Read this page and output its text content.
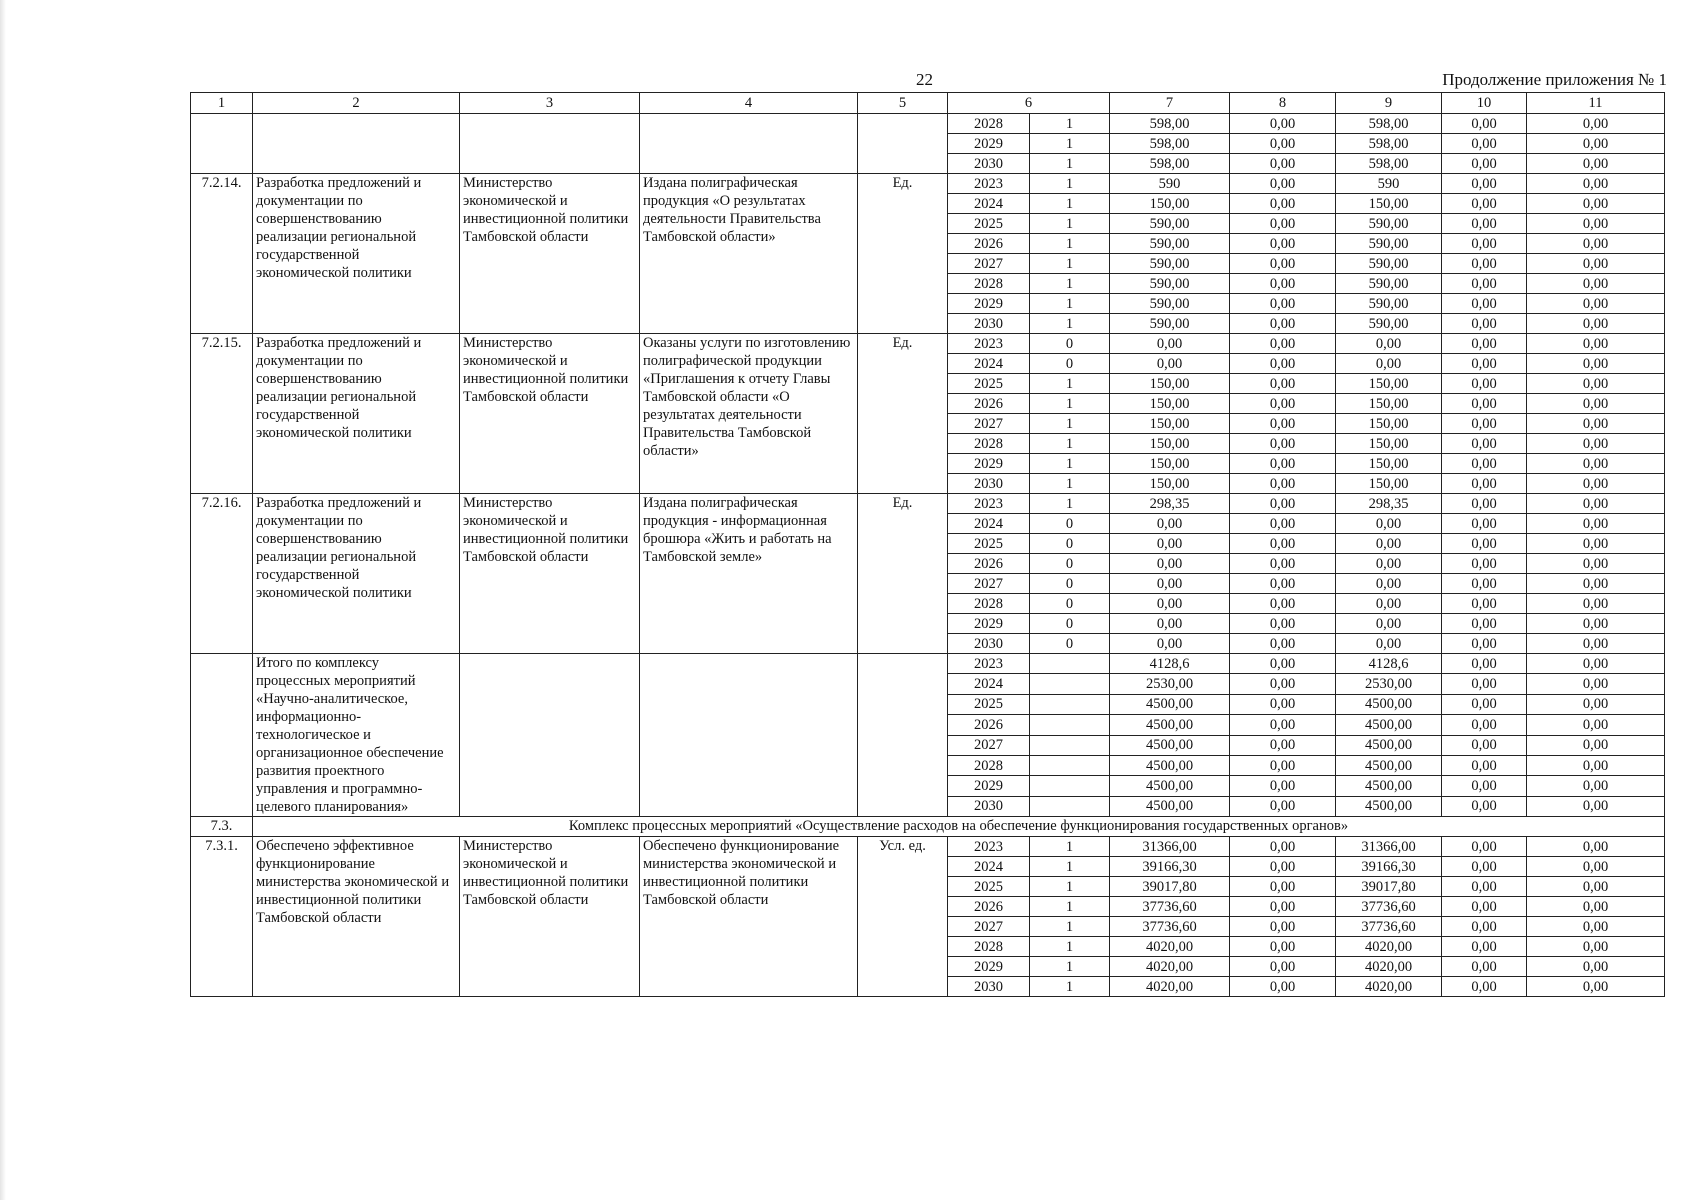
22	Продолжение приложения № 1
1	2	3	4	5	6		7	8	9	10	11
					2028	1	598,00	0,00	598,00	0,00	0,00
					2029	1	598,00	0,00	598,00	0,00	0,00
					2030	1	598,00	0,00	598,00	0,00	0,00
7.2.14.	Разработка предложений и документации по совершенствованию реализации региональной государственной экономической политики	Министерство экономической и инвестиционной политики Тамбовской области	Издана полиграфическая продукция «О результатах деятельности Правительства Тамбовской области»	Ед.	2023	1	590	0,00	590	0,00	0,00
					2024	1	150,00	0,00	150,00	0,00	0,00
					2025	1	590,00	0,00	590,00	0,00	0,00
					2026	1	590,00	0,00	590,00	0,00	0,00
					2027	1	590,00	0,00	590,00	0,00	0,00
					2028	1	590,00	0,00	590,00	0,00	0,00
					2029	1	590,00	0,00	590,00	0,00	0,00
					2030	1	590,00	0,00	590,00	0,00	0,00
7.2.15.	Разработка предложений и документации по совершенствованию реализации региональной государственной экономической политики	Министерство экономической и инвестиционной политики Тамбовской области	Оказаны услуги по изготовлению полиграфической продукции «Приглашения к отчету Главы Тамбовской области «О результатах деятельности Правительства Тамбовской области»	Ед.	2023	0	0,00	0,00	0,00	0,00	0,00
					2024	0	0,00	0,00	0,00	0,00	0,00
					2025	1	150,00	0,00	150,00	0,00	0,00
					2026	1	150,00	0,00	150,00	0,00	0,00
					2027	1	150,00	0,00	150,00	0,00	0,00
					2028	1	150,00	0,00	150,00	0,00	0,00
					2029	1	150,00	0,00	150,00	0,00	0,00
					2030	1	150,00	0,00	150,00	0,00	0,00
7.2.16.	Разработка предложений и документации по совершенствованию реализации региональной государственной экономической политики	Министерство экономической и инвестиционной политики Тамбовской области	Издана полиграфическая продукция - информационная брошюра «Жить и работать на Тамбовской земле»	Ед.	2023	1	298,35	0,00	298,35	0,00	0,00
					2024	0	0,00	0,00	0,00	0,00	0,00
					2025	0	0,00	0,00	0,00	0,00	0,00
					2026	0	0,00	0,00	0,00	0,00	0,00
					2027	0	0,00	0,00	0,00	0,00	0,00
					2028	0	0,00	0,00	0,00	0,00	0,00
					2029	0	0,00	0,00	0,00	0,00	0,00
					2030	0	0,00	0,00	0,00	0,00	0,00
	Итого по комплексу процессных мероприятий «Научно-аналитическое, информационно-технологическое и организационное обеспечение развития проектного управления и программно-целевого планирования»				2023		4128,6	0,00	4128,6	0,00	0,00
					2024		2530,00	0,00	2530,00	0,00	0,00
					2025		4500,00	0,00	4500,00	0,00	0,00
					2026		4500,00	0,00	4500,00	0,00	0,00
					2027		4500,00	0,00	4500,00	0,00	0,00
					2028		4500,00	0,00	4500,00	0,00	0,00
					2029		4500,00	0,00	4500,00	0,00	0,00
					2030		4500,00	0,00	4500,00	0,00	0,00
7.3.	Комплекс процессных мероприятий «Осуществление расходов на обеспечение функционирования государственных органов»										
7.3.1.	Обеспечено эффективное функционирование министерства экономической и инвестиционной политики Тамбовской области	Министерство экономической и инвестиционной политики Тамбовской области	Обеспечено функционирование министерства экономической и инвестиционной политики Тамбовской области	Усл. ед.	2023	1	31366,00	0,00	31366,00	0,00	0,00
					2024	1	39166,30	0,00	39166,30	0,00	0,00
					2025	1	39017,80	0,00	39017,80	0,00	0,00
					2026	1	37736,60	0,00	37736,60	0,00	0,00
					2027	1	37736,60	0,00	37736,60	0,00	0,00
					2028	1	4020,00	0,00	4020,00	0,00	0,00
					2029	1	4020,00	0,00	4020,00	0,00	0,00
					2030	1	4020,00	0,00	4020,00	0,00	0,00
